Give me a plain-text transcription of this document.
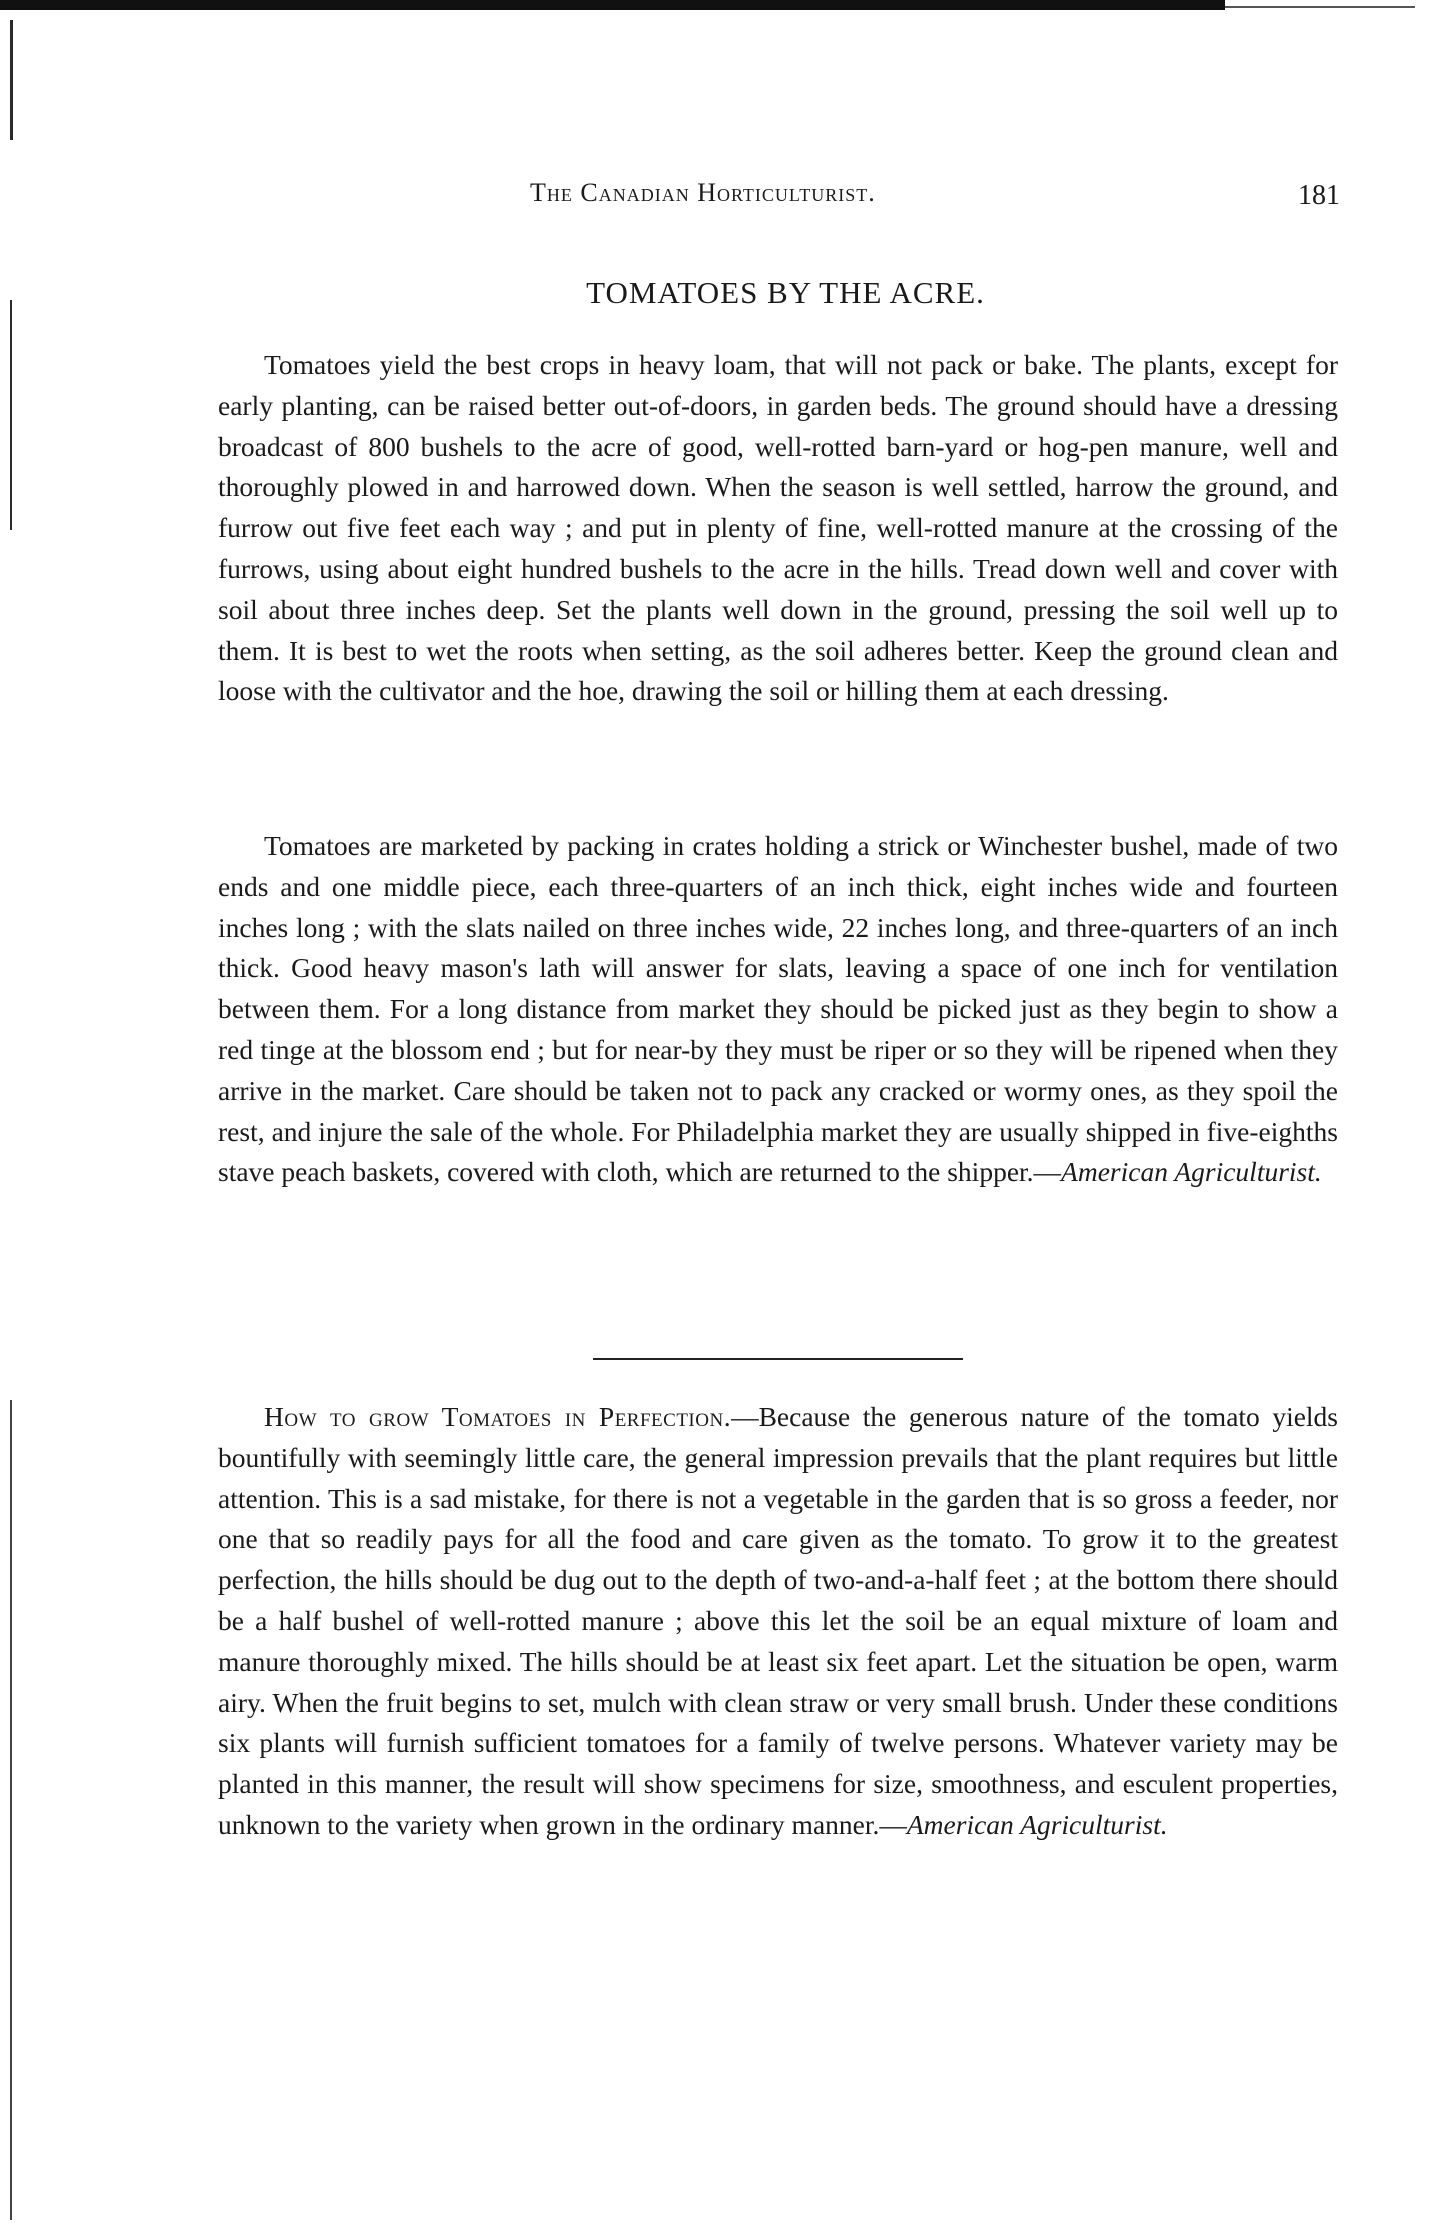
The Canadian Horticulturist.	181
TOMATOES BY THE ACRE.

Tomatoes yield the best crops in heavy loam, that will not pack or bake. The plants, except for early planting, can be raised better out-of-doors, in garden beds. The ground should have a dressing broadcast of 800 bushels to the acre of good, well-rotted barn-yard or hog-pen manure, well and thoroughly plowed in and harrowed down. When the season is well settled, harrow the ground, and furrow out five feet each way ; and put in plenty of fine, well-rotted manure at the crossing of the furrows, using about eight hundred bushels to the acre in the hills. Tread down well and cover with soil about three inches deep. Set the plants well down in the ground, pressing the soil well up to them. It is best to wet the roots when setting, as the soil adheres better. Keep the ground clean and loose with the cultivator and the hoe, drawing the soil or hilling them at each dressing.

Tomatoes are marketed by packing in crates holding a strick or Winchester bushel, made of two ends and one middle piece, each three-quarters of an inch thick, eight inches wide and fourteen inches long ; with the slats nailed on three inches wide, 22 inches long, and three-quarters of an inch thick. Good heavy mason's lath will answer for slats, leaving a space of one inch for ventilation between them. For a long distance from market they should be picked just as they begin to show a red tinge at the blossom end ; but for near-by they must be riper or so they will be ripened when they arrive in the market. Care should be taken not to pack any cracked or wormy ones, as they spoil the rest, and injure the sale of the whole. For Philadelphia market they are usually shipped in five-eighths stave peach baskets, covered with cloth, which are returned to the shipper.—American Agriculturist.

How to grow Tomatoes in Perfection.—Because the generous nature of the tomato yields bountifully with seemingly little care, the general impression prevails that the plant requires but little attention. This is a sad mistake, for there is not a vegetable in the garden that is so gross a feeder, nor one that so readily pays for all the food and care given as the tomato. To grow it to the greatest perfection, the hills should be dug out to the depth of two-and-a-half feet ; at the bottom there should be a half bushel of well-rotted manure ; above this let the soil be an equal mixture of loam and manure thoroughly mixed. The hills should be at least six feet apart. Let the situation be open, warm airy. When the fruit begins to set, mulch with clean straw or very small brush. Under these conditions six plants will furnish sufficient tomatoes for a family of twelve persons. Whatever variety may be planted in this manner, the result will show specimens for size, smoothness, and esculent properties, unknown to the variety when grown in the ordinary manner.—American Agriculturist.
